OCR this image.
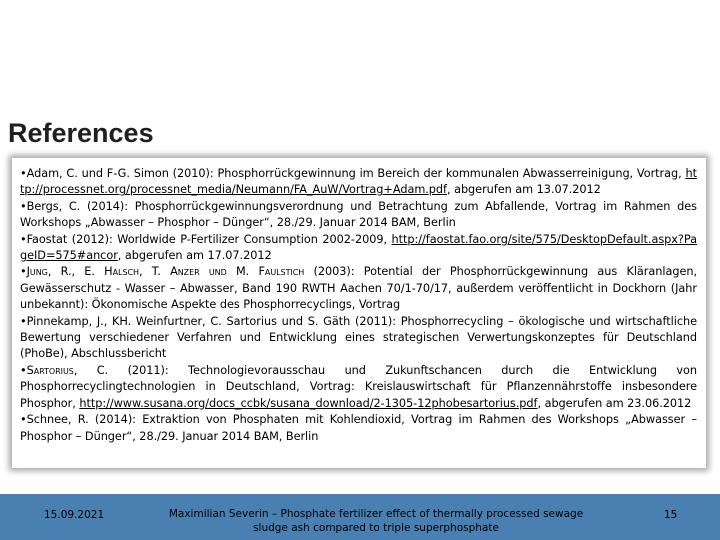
References

•Adam, C. und F-G. Simon (2010): Phosphorrückgewinnung im Bereich der kommunalen Abwasserreinigung, Vortrag, http://processnet.org/processnet_media/Neumann/FA_AuW/Vortrag+Adam.pdf, abgerufen am 13.07.2012

•Bergs, C. (2014): Phosphorrückgewinnungsverordnung und Betrachtung zum Abfallende, Vortrag im Rahmen des Workshops „Abwasser – Phosphor – Dünger“, 28./29. Januar 2014 BAM, Berlin

•Faostat (2012): Worldwide P-Fertilizer Consumption 2002-2009, http://faostat.fao.org/site/575/DesktopDefault.aspx?PageID=575#ancor, abgerufen am 17.07.2012

•Jung, R., E. Halsch, T. Anzer und M. Faulstich (2003): Potential der Phosphorrückgewinnung aus Kläranlagen, Gewässerschutz - Wasser – Abwasser, Band 190 RWTH Aachen 70/1-70/17, außerdem veröffentlicht in Dockhorn (Jahr unbekannt): Ökonomische Aspekte des Phosphorrecyclings, Vortrag

•Pinnekamp, J., KH. Weinfurtner, C. Sartorius und S. Gäth (2011): Phosphorrecycling – ökologische und wirtschaftliche Bewertung verschiedener Verfahren und Entwicklung eines strategischen Verwertungskonzeptes für Deutschland (PhoBe), Abschlussbericht

•Sartorius, C. (2011): Technologievorausschau und Zukunftschancen durch die Entwicklung von Phosphorrecyclingtechnologien in Deutschland, Vortrag: Kreislauswirtschaft für Pflanzennährstoffe insbesondere Phosphor, http://www.susana.org/docs_ccbk/susana_download/2-1305-12phobesartorius.pdf, abgerufen am 23.06.2012

•Schnee, R. (2014): Extraktion von Phosphaten mit Kohlendioxid, Vortrag im Rahmen des Workshops „Abwasser – Phosphor – Dünger“, 28./29. Januar 2014 BAM, Berlin

15.09.2021	Maximilian Severin – Phosphate fertilizer effect of thermally processed sewage sludge ash compared to triple superphosphate
15
